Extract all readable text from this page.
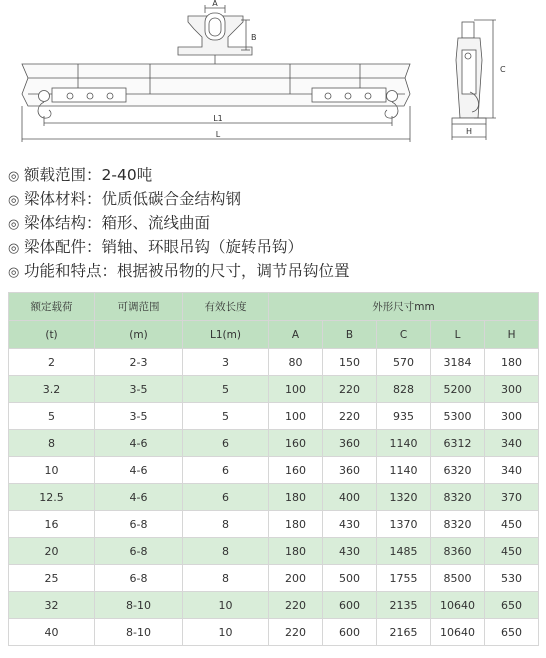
A
B
L1
L
C
H
◎ 额载范围：2-40吨
◎ 梁体材料：优质低碳合金结构钢
◎ 梁体结构：箱形、流线曲面
◎ 梁体配件：销轴、环眼吊钩（旋转吊钩）
◎ 功能和特点：根据被吊物的尺寸，调节吊钩位置
额定载荷	可调范围	有效长度	外形尺寸mm				
(t)	(m)	L1(m)	A	B	C	L	H
2	2-3	3	80	150	570	3184	180
3.2	3-5	5	100	220	828	5200	300
5	3-5	5	100	220	935	5300	300
8	4-6	6	160	360	1140	6312	340
10	4-6	6	160	360	1140	6320	340
12.5	4-6	6	180	400	1320	8320	370
16	6-8	8	180	430	1370	8320	450
20	6-8	8	180	430	1485	8360	450
25	6-8	8	200	500	1755	8500	530
32	8-10	10	220	600	2135	10640	650
40	8-10	10	220	600	2165	10640	650
